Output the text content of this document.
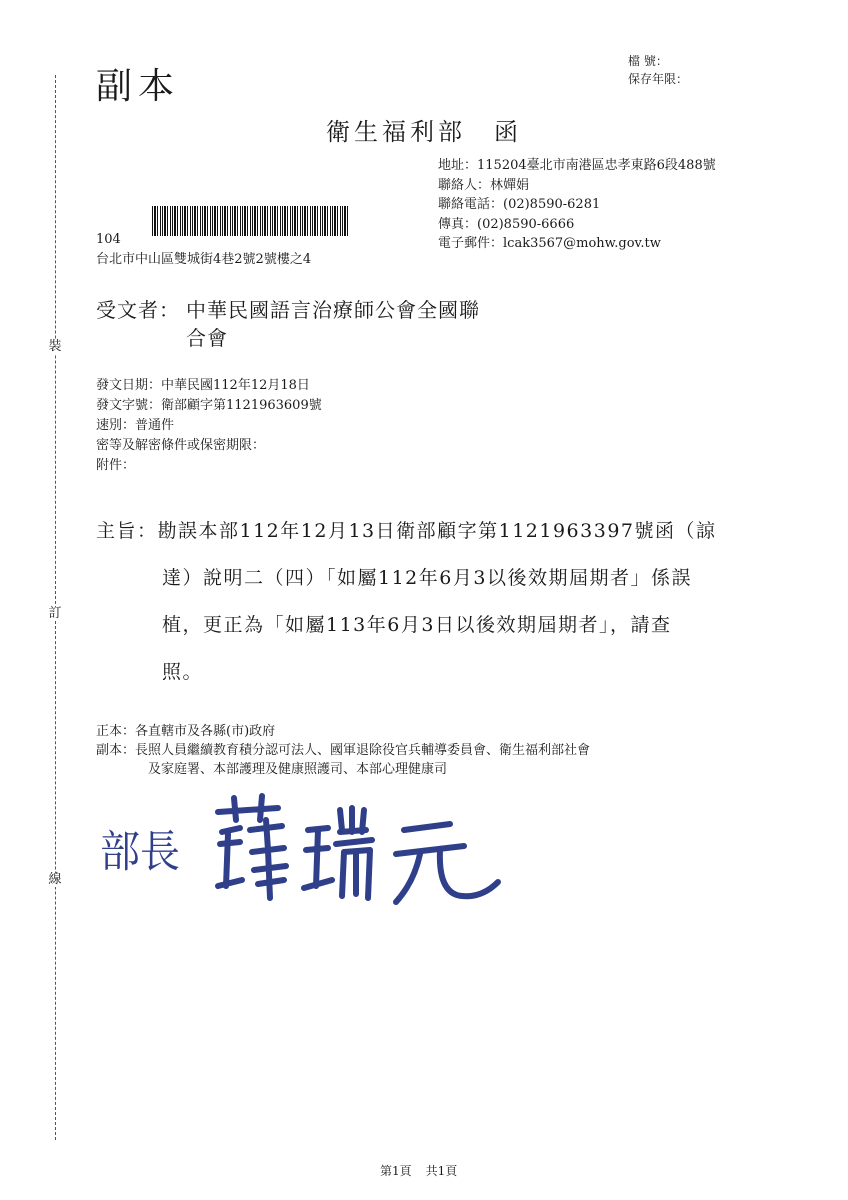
裝
訂
線
副本
檔 號：
保存年限：
衛生福利部 函
地址：115204臺北市南港區忠孝東路6段488號
聯絡人：林嬋娟
聯絡電話：(02)8590-6281
傳真：(02)8590-6666
電子郵件：lcak3567@mohw.gov.tw
104
台北市中山區雙城街4巷2號2號樓之4
受文者： 中華民國語言治療師公會全國聯
合會
發文日期：中華民國112年12月18日
發文字號：衛部顧字第1121963609號
速別：普通件
密等及解密條件或保密期限：
附件：
主旨：勘誤本部112年12月13日衛部顧字第1121963397號函（諒
達）說明二（四）「如屬112年6月3以後效期屆期者」係誤
植，更正為「如屬113年6月3日以後效期屆期者」，請查
照。
正本：各直轄市及各縣(市)政府
副本：長照人員繼續教育積分認可法人、國軍退除役官兵輔導委員會、衛生福利部社會
及家庭署、本部護理及健康照護司、本部心理健康司
部長
第1頁 共1頁
